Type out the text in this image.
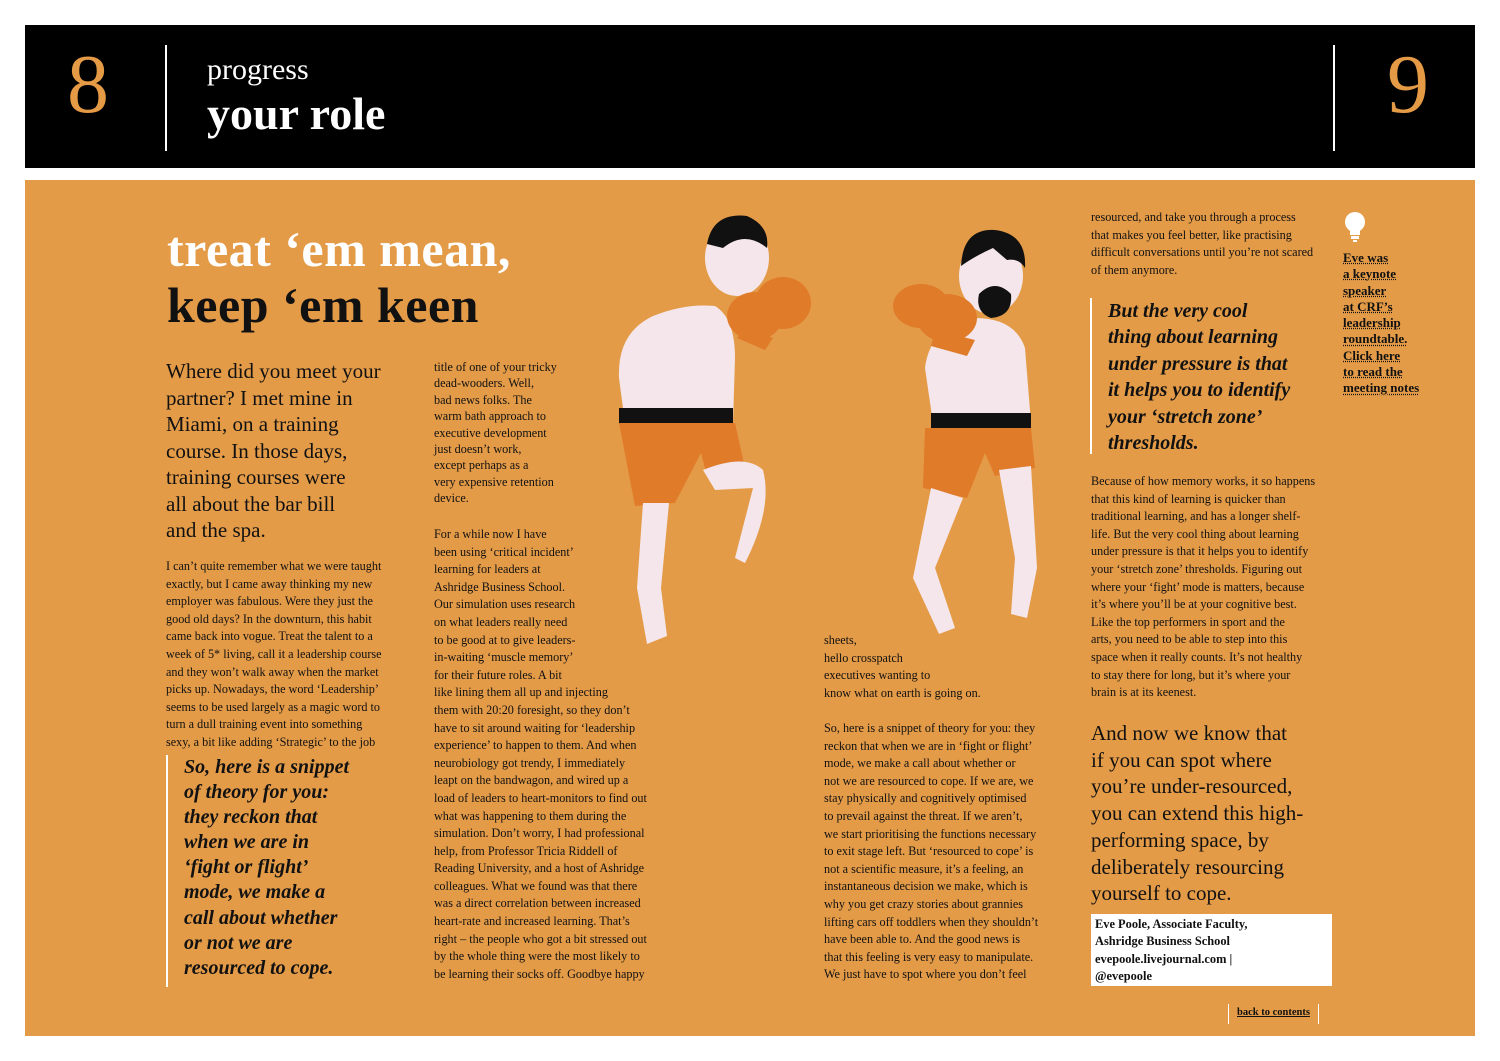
8	progress
your role	9
treat ‘em mean,
keep ‘em keen
Where did you meet your
partner? I met mine in
Miami, on a training
course. In those days,
training courses were
all about the bar bill
and the spa.
I can’t quite remember what we were taught
exactly, but I came away thinking my new
employer was fabulous. Were they just the
good old days? In the downturn, this habit
came back into vogue. Treat the talent to a
week of 5* living, call it a leadership course
and they won’t walk away when the market
picks up. Nowadays, the word ‘Leadership’
seems to be used largely as a magic word to
turn a dull training event into something
sexy, a bit like adding ‘Strategic’ to the job
So, here is a snippet
of theory for you:
they reckon that
when we are in
‘fight or flight’
mode, we make a
call about whether
or not we are
resourced to cope.
title of one of your tricky
dead-wooders. Well,
bad news folks. The
warm bath approach to
executive development
just doesn’t work,
except perhaps as a
very expensive retention
device.
For a while now I have
been using ‘critical incident’
learning for leaders at
Ashridge Business School.
Our simulation uses research
on what leaders really need
to be good at to give leaders-
in-waiting ‘muscle memory’
for their future roles. A bit
like lining them all up and injecting
them with 20:20 foresight, so they don’t
have to sit around waiting for ‘leadership
experience’ to happen to them. And when
neurobiology got trendy, I immediately
leapt on the bandwagon, and wired up a
load of leaders to heart-monitors to find out
what was happening to them during the
simulation. Don’t worry, I had professional
help, from Professor Tricia Riddell of
Reading University, and a host of Ashridge
colleagues. What we found was that there
was a direct correlation between increased
heart-rate and increased learning. That’s
right – the people who got a bit stressed out
by the whole thing were the most likely to
be learning their socks off. Goodbye happy
sheets,
hello crosspatch
executives wanting to
know what on earth is going on.
So, here is a snippet of theory for you: they
reckon that when we are in ‘fight or flight’
mode, we make a call about whether or
not we are resourced to cope. If we are, we
stay physically and cognitively optimised
to prevail against the threat. If we aren’t,
we start prioritising the functions necessary
to exit stage left. But ‘resourced to cope’ is
not a scientific measure, it’s a feeling, an
instantaneous decision we make, which is
why you get crazy stories about grannies
lifting cars off toddlers when they shouldn’t
have been able to. And the good news is
that this feeling is very easy to manipulate.
We just have to spot where you don’t feel
resourced, and take you through a process
that makes you feel better, like practising
difficult conversations until you’re not scared
of them anymore.
But the very cool
thing about learning
under pressure is that
it helps you to identify
your ‘stretch zone’
thresholds.
Because of how memory works, it so happens
that this kind of learning is quicker than
traditional learning, and has a longer shelf-
life. But the very cool thing about learning
under pressure is that it helps you to identify
your ‘stretch zone’ thresholds. Figuring out
where your ‘fight’ mode is matters, because
it’s where you’ll be at your cognitive best.
Like the top performers in sport and the
arts, you need to be able to step into this
space when it really counts. It’s not healthy
to stay there for long, but it’s where your
brain is at its keenest.
And now we know that
if you can spot where
you’re under-resourced,
you can extend this high-
performing space, by
deliberately resourcing
yourself to cope.
Eve Poole, Associate Faculty,
Ashridge Business School
evepoole.livejournal.com |
@evepoole
Eve was
a keynote
speaker
at CRF’s
leadership
roundtable.
Click here
to read the
meeting notes
back to contents
